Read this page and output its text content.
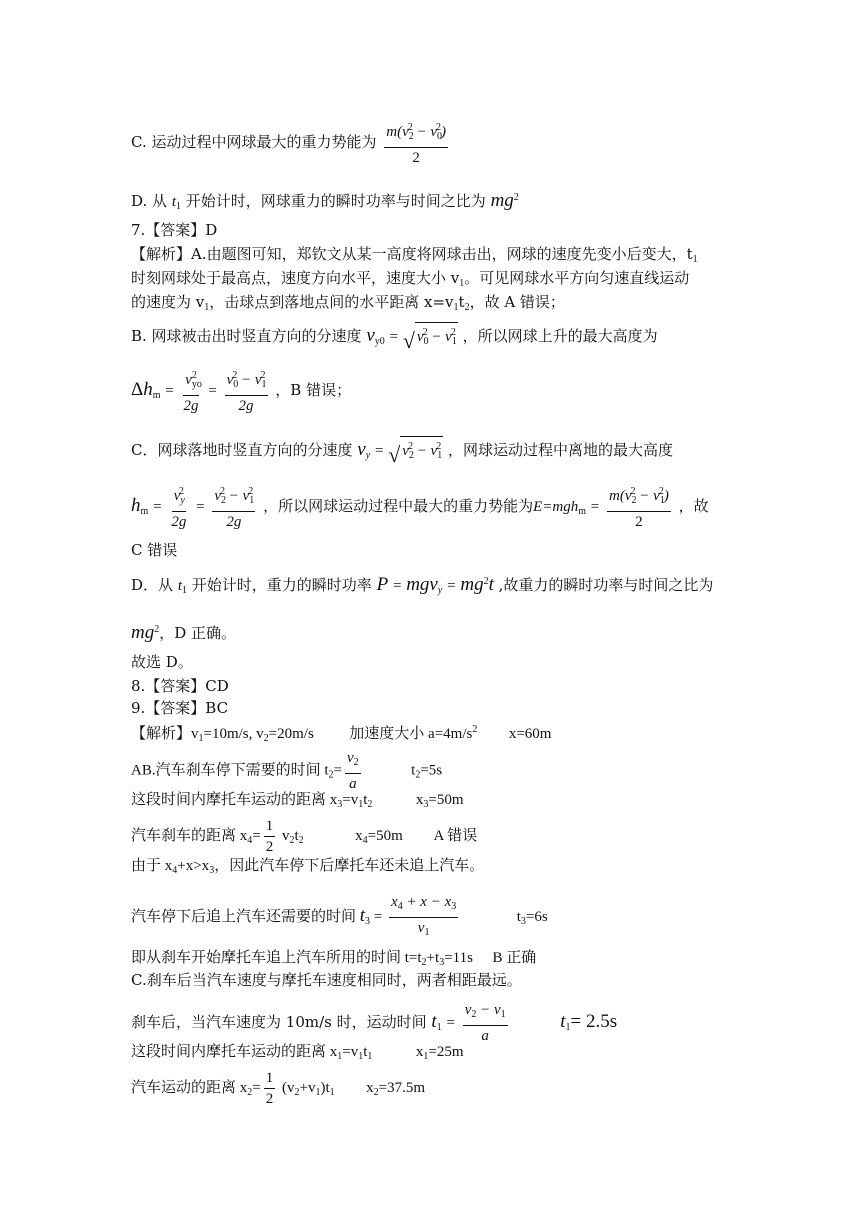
C. 运动过程中网球最大的重力势能为 $\frac{m(v_2^2 - v_0^2)}{2}$
D. 从 $t_1$ 开始计时，网球重力的瞬时功率与时间之比为 $mg^2$
7.【答案】D
【解析】A.由题图可知，郑钦文从某一高度将网球击出，网球的速度先变小后变大，$t_1$
时刻网球处于最高点，速度方向水平，速度大小 $v_1$。可见网球水平方向匀速直线运动
的速度为 $v_1$，击球点到落地点间的水平距离 $x=v_1t_2$，故 A 错误；
B. 网球被击出时竖直方向的分速度 $v_{y0}$ = √ $v_0^2 - v_1^2$ ，所以网球上升的最大高度为
$\Delta h_m = \frac{v_{yo}^2}{2g} = \frac{v_0^2 - v_1^2}{2g}$ ，B 错误；
C．网球落地时竖直方向的分速度 $v_y$ = √ $v_2^2 - v_1^2$ ，网球运动过程中离地的最大高度
$h_m = \frac{v_y^2}{2g} = \frac{v_2^2 - v_1^2}{2g}$ ，所以网球运动过程中最大的重力势能为$E=mgh_m = \frac{m(v_2^2 - v_1^2)}{2}$ ，故
C 错误
D．从 $t_1$ 开始计时，重力的瞬时功率 $P = mgv_y = mg^2t$ ,故重力的瞬时功率与时间之比为
$mg^2$，D 正确。
故选 D。
8.【答案】CD
9.【答案】BC
【解析】$v_1=10m/s$, $v_2=20m/s$ 加速度大小 $a=4m/s^2$ x=60m
AB.汽车刹车停下需要的时间 $t_2= \frac{v_2}{a}$	$t_2=5s$
这段时间内摩托车运动的距离 $x_3=v_1t_2$	$x_3=50m$
汽车刹车的距离 $x_4= \frac{1}{2} v_2t_2$	$x_4=50m$ A 错误
由于 $x_4+x>x_3$，因此汽车停下后摩托车还未追上汽车。
汽车停下后追上汽车还需要的时间 $t_3 = \frac{x_4 + x - x_3}{v_1}$	$t_3=6s$
即从刹车开始摩托车追上汽车所用的时间 $t=t_2+t_3=11s$ B 正确
C.刹车后当汽车速度与摩托车速度相同时，两者相距最远。
刹车后，当汽车速度为 10m/s 时，运动时间 $t_1 = \frac{v_2 - v_1}{a}$	$t_1= 2.5s$
这段时间内摩托车运动的距离 $x_1=v_1t_1$	$x_1=25m$
汽车运动的距离 $x_2= \frac{1}{2} (v_2+v_1)t_1$ $x_2=37.5m$
